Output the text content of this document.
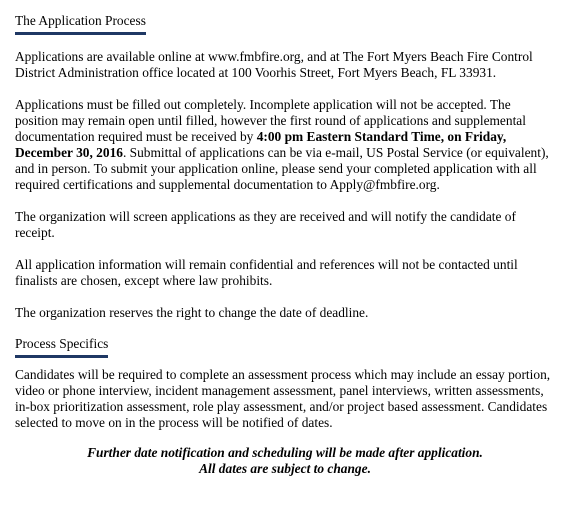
The Application Process

Applications are available online at www.fmbfire.org, and at The Fort Myers Beach Fire Control District Administration office located at 100 Voorhis Street, Fort Myers Beach, FL 33931.

Applications must be filled out completely. Incomplete application will not be accepted. The position may remain open until filled, however the first round of applications and supplemental documentation required must be received by 4:00 pm Eastern Standard Time, on Friday, December 30, 2016. Submittal of applications can be via e-mail, US Postal Service (or equivalent), and in person. To submit your application online, please send your completed application with all required certifications and supplemental documentation to Apply@fmbfire.org.

The organization will screen applications as they are received and will notify the candidate of receipt.

All application information will remain confidential and references will not be contacted until finalists are chosen, except where law prohibits.

The organization reserves the right to change the date of deadline.

Process Specifics

Candidates will be required to complete an assessment process which may include an essay portion, video or phone interview, incident management assessment, panel interviews, written assessments, in-box prioritization assessment, role play assessment, and/or project based assessment. Candidates selected to move on in the process will be notified of dates.

Further date notification and scheduling will be made after application.
All dates are subject to change.
